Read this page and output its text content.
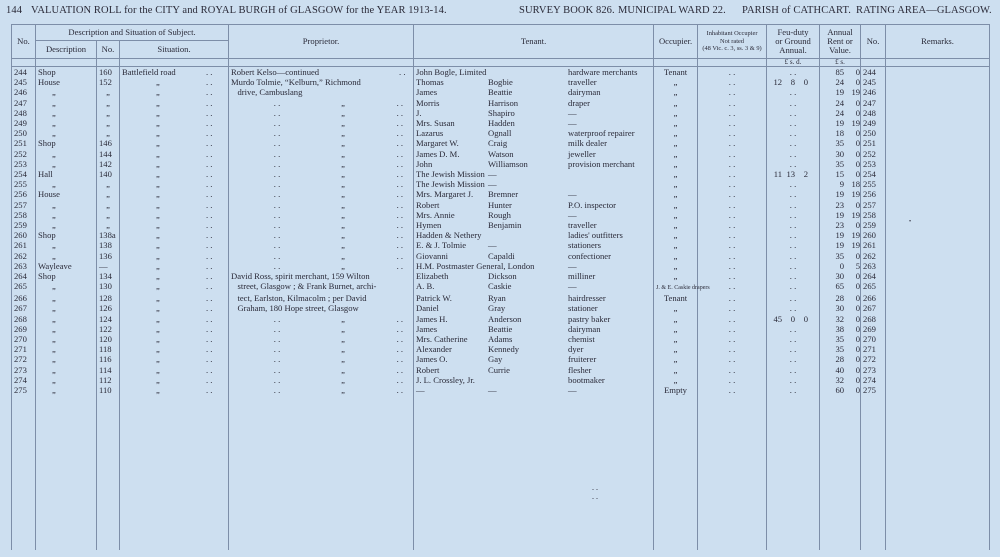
144 VALUATION ROLL for the CITY and ROYAL BURGH of GLASGOW for the YEAR 1913-14.	SURVEY BOOK 826. MUNICIPAL WARD 22. PARISH of CATHCART. RATING AREA—GLASGOW.
No.	Description and Situation of Subject.			Proprietor.	Tenant.	Occupier.	Inhabitant Occupier
Not rated
(48 Vic. c. 3, ss. 3 & 9)	Feu-duty
or Ground
Annual.	Annual
Rent or
Value.	No.	Remarks.
	Description	No.	Situation.								
								£ s. d.	£ s.		
244	Shop	160	Battlefield road . .	Robert Kelso—continued . .	John Bogle, Limited hardware merchants	Tenant	. .	. .	85 0	244	
245	House	152	„ . .	Murdo Tolmie, “Kelburn,” Richmond	Thomas Bogbie traveller	„	. .	12 8 0	24 0	245	
246	„	„	„ . .	drive, Cambuslang	James Beattie dairyman	„	. .	. .	19 19	246	
247	„	„	„ . .	. . „ . .	Morris Harrison draper	„	. .	. .	24 0	247	
248	„	„	„ . .	. . „ . .	J. Shapiro —	„	. .	. .	24 0	248	
249	„	„	„ . .	. . „ . .	Mrs. Susan Hadden —	„	. .	. .	19 19	249	
250	„	„	„ . .	. . „ . .	Lazarus Ognall waterproof repairer	„	. .	. .	18 0	250	
251	Shop	146	„ . .	. . „ . .	Margaret W. Craig milk dealer	„	. .	. .	35 0	251	
252	„	144	„ . .	. . „ . .	James D. M. Watson jeweller	„	. .	. .	30 0	252	
253	„	142	„ . .	. . „ . .	John Williamson provision merchant	„	. .	. .	35 0	253	
254	Hall	140	„ . .	. . „ . .	The Jewish Mission —	„	. .	11 13 2	15 0	254	
255	„	„	„ . .	. . „ . .	The Jewish Mission —	„	. .	. .	9 18	255	
256	House	„	„ . .	. . „ . .	Mrs. Margaret J. Bremner —	„	. .	. .	19 19	256	
257	„	„	„ . .	. . „ . .	Robert Hunter P.O. inspector	„	. .	. .	23 0	257	
258	„	„	„ . .	. . „ . .	Mrs. Annie Rough —	„	. .	. .	19 19	258	
259	„	„	„ . .	. . „ . .	Hymen Benjamin traveller	„	. .	. .	23 0	259	
260	Shop	138a	„ . .	. . „ . .	Hadden & Nethery ladies' outfitters	„	. .	. .	19 19	260	
261	„	138	„ . .	. . „ . .	E. & J. Tolmie — stationers	„	. .	. .	19 19	261	
262	„	136	„ . .	. . „ . .	Giovanni Capaldi confectioner	„	. .	. .	35 0	262	
263	Wayleave	—	„ . .	. . „ . .	H.M. Postmaster General, London —	„	. .	. .	0 5	263	
264	Shop	134	„ . .	David Ross, spirit merchant, 159 Wilton	Elizabeth Dickson milliner	„	. .	. .	30 0	264	
265	„	130	„ . .	street, Glasgow ; & Frank Burnet, archi-	A. B. Caskie —	J. & E. Caskie drapers	. .	. .	65 0	265	
266	„	128	„ . .	tect, Earlston, Kilmacolm ; per David	Patrick W. Ryan hairdresser	Tenant	. .	. .	28 0	266	
267	„	126	„ . .	Graham, 180 Hope street, Glasgow	Daniel Gray stationer	„	. .	. .	30 0	267	
268	„	124	„ . .	. . „ . .	James H. Anderson pastry baker	„	. .	45 0 0	32 0	268	
269	„	122	„ . .	. . „ . .	James Beattie dairyman	„	. .	. .	38 0	269	
270	„	120	„ . .	. . „ . .	Mrs. Catherine Adams chemist	„	. .	. .	35 0	270	
271	„	118	„ . .	. . „ . .	Alexander Kennedy dyer	„	. .	. .	35 0	271	
272	„	116	„ . .	. . „ . .	James O. Gay fruiterer	„	. .	. .	28 0	272	
273	„	114	„ . .	. . „ . .	Robert Currie flesher	„	. .	. .	40 0	273	
274	„	112	„ . .	. . „ . .	J. L. Crossley, Jr. bootmaker	„	. .	. .	32 0	274	
275	„	110	„ . .	. . „ . .	— — —	Empty	. .	. .	60 0	275	

. .
. .
•
